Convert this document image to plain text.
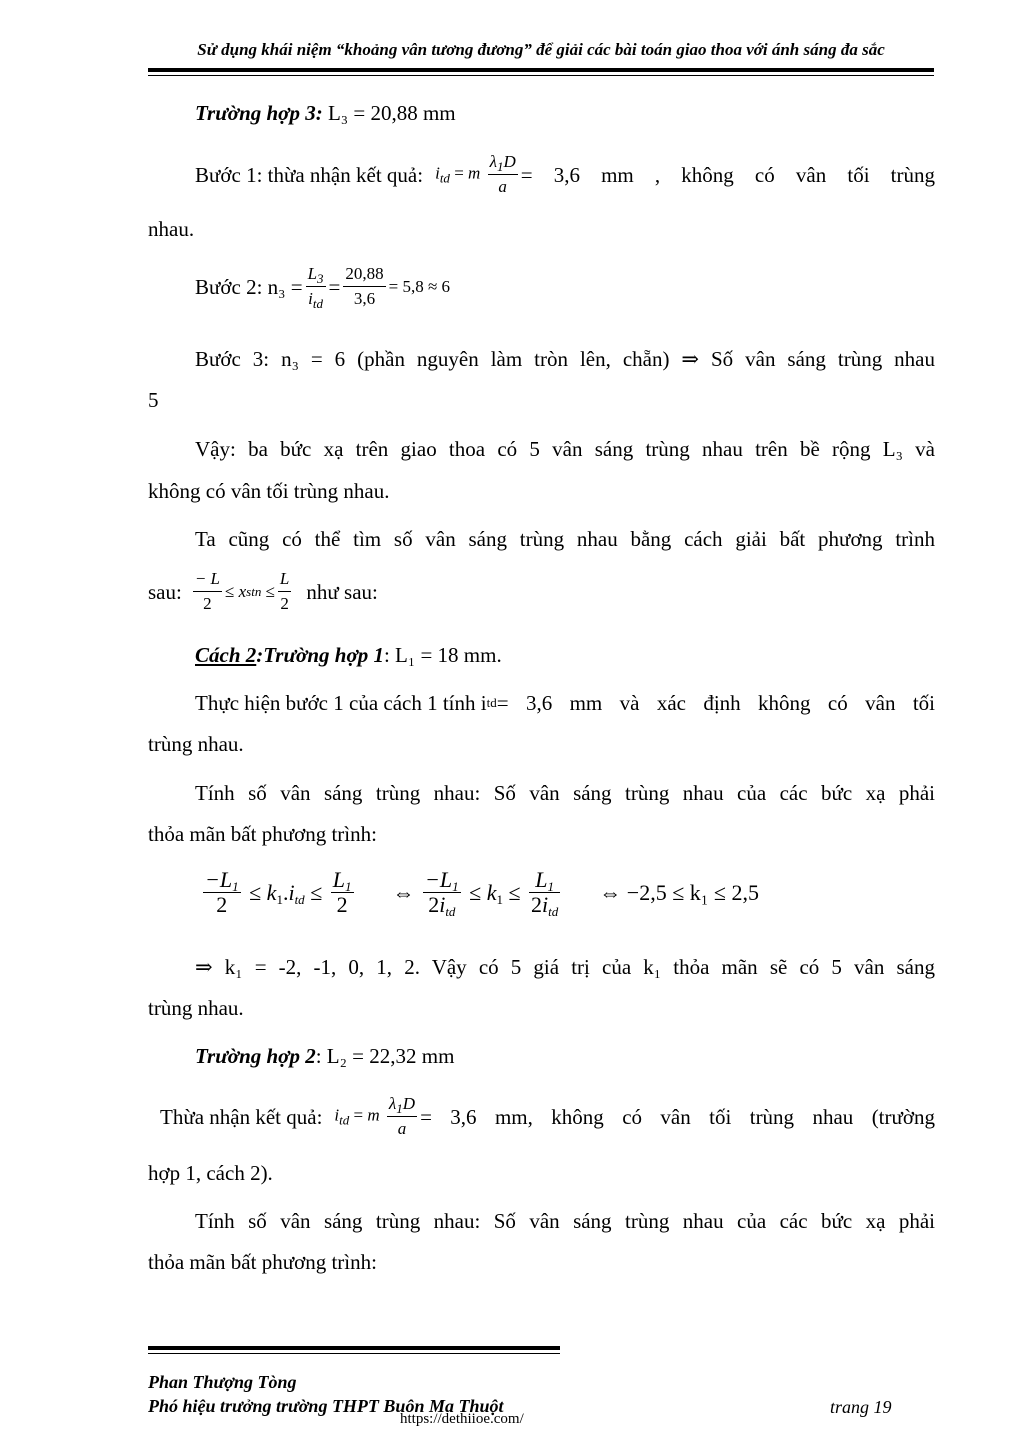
Sử dụng khái niệm “khoảng vân tương đương” để giải các bài toán giao thoa với ánh sáng đa sắc
Trường hợp 3: L₃ = 20,88 mm
Bước 1: thừa nhận kết quả: $i_{td} = m \frac{\lambda_1D}{a} = 3,6$ mm , không có vân tối trùng
nhau.
Bước 2: $n_3 = \frac{L_3}{i_{td}} = \frac{20,88}{3,6} = 5,8 \approx 6$
Bước 3: n₃ = 6 (phần nguyên làm tròn lên, chẵn) ⇒ Số vân sáng trùng nhau
5
Vậy: ba bức xạ trên giao thoa có 5 vân sáng trùng nhau trên bề rộng L₃ và
không có vân tối trùng nhau.
Ta cũng có thể tìm số vân sáng trùng nhau bằng cách giải bất phương trình
sau: $\frac{- L}{2} \le x$ stn ≤ $\frac{L}{2}$ như sau:
Cách 2:Trường hợp 1: L₁ = 18 mm.
Thực hiện bước 1 của cách 1 tính i td = 3,6 mm và xác định không có vân tối
trùng nhau.
Tính số vân sáng trùng nhau: Số vân sáng trùng nhau của các bức xạ phải
thỏa mãn bất phương trình:
$\frac{-L_1}{2} \le k_1.i_{td} \le \frac{L_1}{2}$ ⇔ $\frac{-L_1}{2i_{td}} \le k_1 \le \frac{L_1}{2i_{td}}$ ⇔ −2,5 ≤ k₁ ≤ 2,5
⇒ k₁ = -2, -1, 0, 1, 2. Vậy có 5 giá trị của k₁ thỏa mãn sẽ có 5 vân sáng
trùng nhau.
Trường hợp 2: L₂ = 22,32 mm
Thừa nhận kết quả: $i_{td} = m \frac{\lambda_1D}{a} = 3,6$ mm, không có vân tối trùng nhau (trường
hợp 1, cách 2).
Tính số vân sáng trùng nhau: Số vân sáng trùng nhau của các bức xạ phải
thỏa mãn bất phương trình:
Phan Thượng Tòng
Phó hiệu trưởng trường THPT Buôn Ma Thuột	trang 19
https://dethiioe.com/
